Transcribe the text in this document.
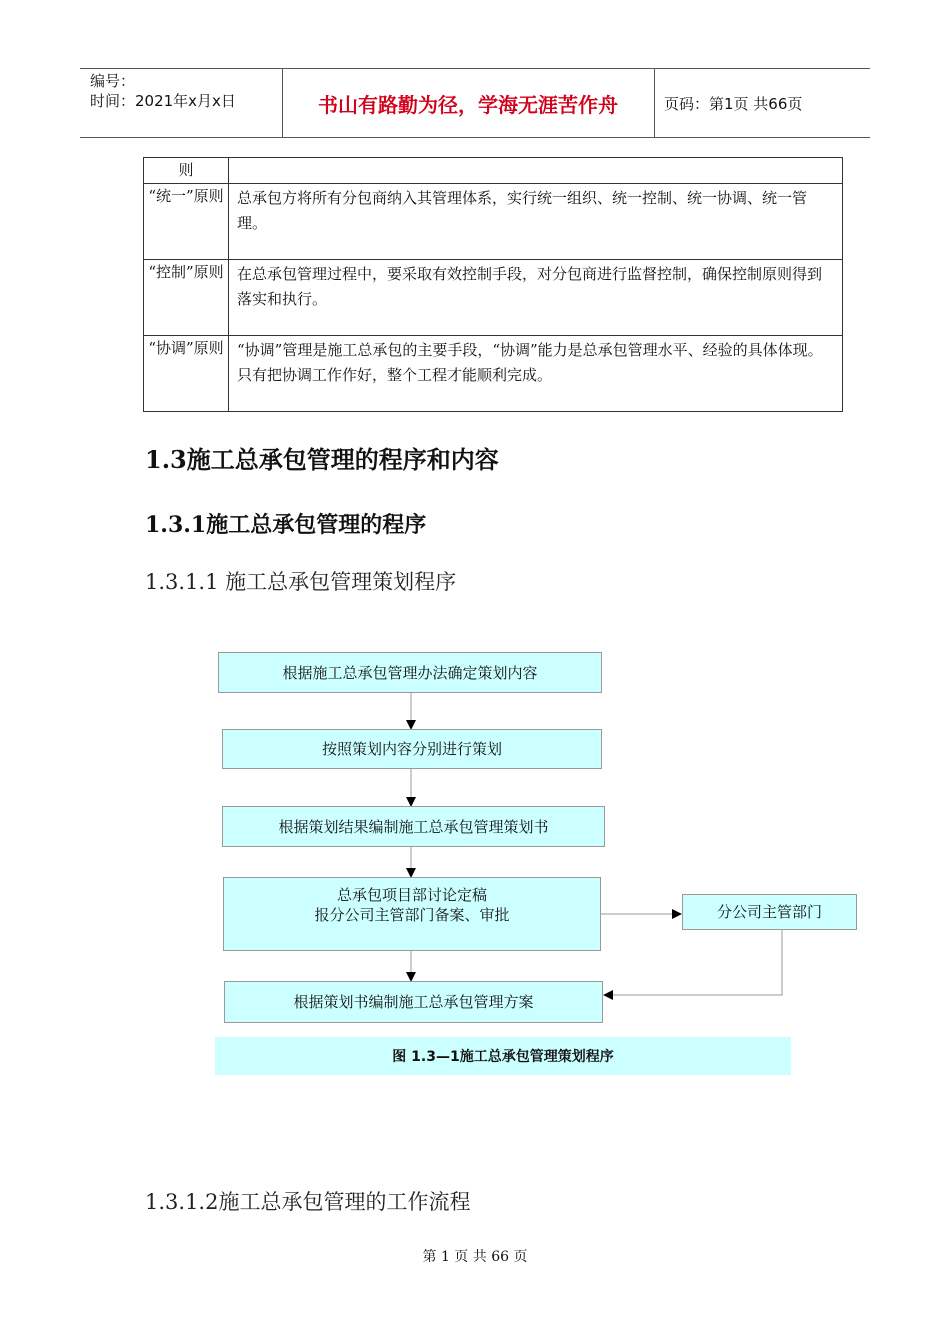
编号：
时间：2021年x月x日	书山有路勤为径，学海无涯苦作舟	页码：第1页 共66页
则	
“统一”原则	总承包方将所有分包商纳入其管理体系，实行统一组织、统一控制、统一协调、统一管理。
“控制”原则	在总承包管理过程中，要采取有效控制手段，对分包商进行监督控制，确保控制原则得到落实和执行。
“协调”原则	“协调”管理是施工总承包的主要手段，“协调”能力是总承包管理水平、经验的具体体现。只有把协调工作作好，整个工程才能顺利完成。
1.3施工总承包管理的程序和内容
1.3.1施工总承包管理的程序
1.3.1.1 施工总承包管理策划程序
根据施工总承包管理办法确定策划内容
按照策划内容分别进行策划
根据策划结果编制施工总承包管理策划书
总承包项目部讨论定稿
报分公司主管部门备案、审批	分公司主管部门
根据策划书编制施工总承包管理方案
图 1.3—1施工总承包管理策划程序
1.3.1.2施工总承包管理的工作流程
第 1 页 共 66 页
